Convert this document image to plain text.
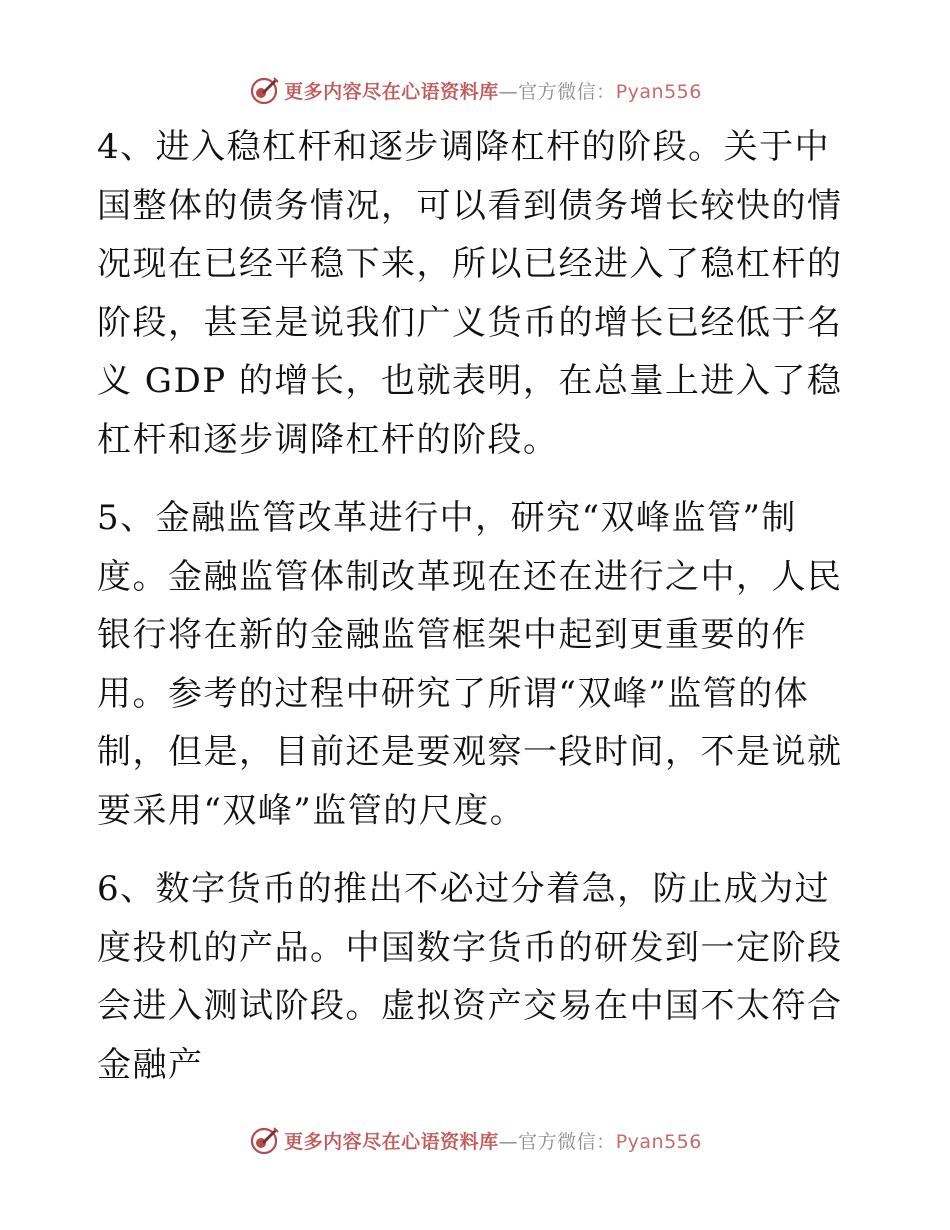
更多内容尽在心语资料库—官方微信：Pyan556

4、进入稳杠杆和逐步调降杠杆的阶段。关于中国整体的债务情况，可以看到债务增长较快的情况现在已经平稳下来，所以已经进入了稳杠杆的阶段，甚至是说我们广义货币的增长已经低于名义 GDP 的增长，也就表明，在总量上进入了稳杠杆和逐步调降杠杆的阶段。

5、金融监管改革进行中，研究“双峰监管”制度。金融监管体制改革现在还在进行之中，人民银行将在新的金融监管框架中起到更重要的作用。参考的过程中研究了所谓“双峰”监管的体制，但是，目前还是要观察一段时间，不是说就要采用“双峰”监管的尺度。

6、数字货币的推出不必过分着急，防止成为过度投机的产品。中国数字货币的研发到一定阶段会进入测试阶段。虚拟资产交易在中国不太符合金融产

更多内容尽在心语资料库—官方微信：Pyan556
